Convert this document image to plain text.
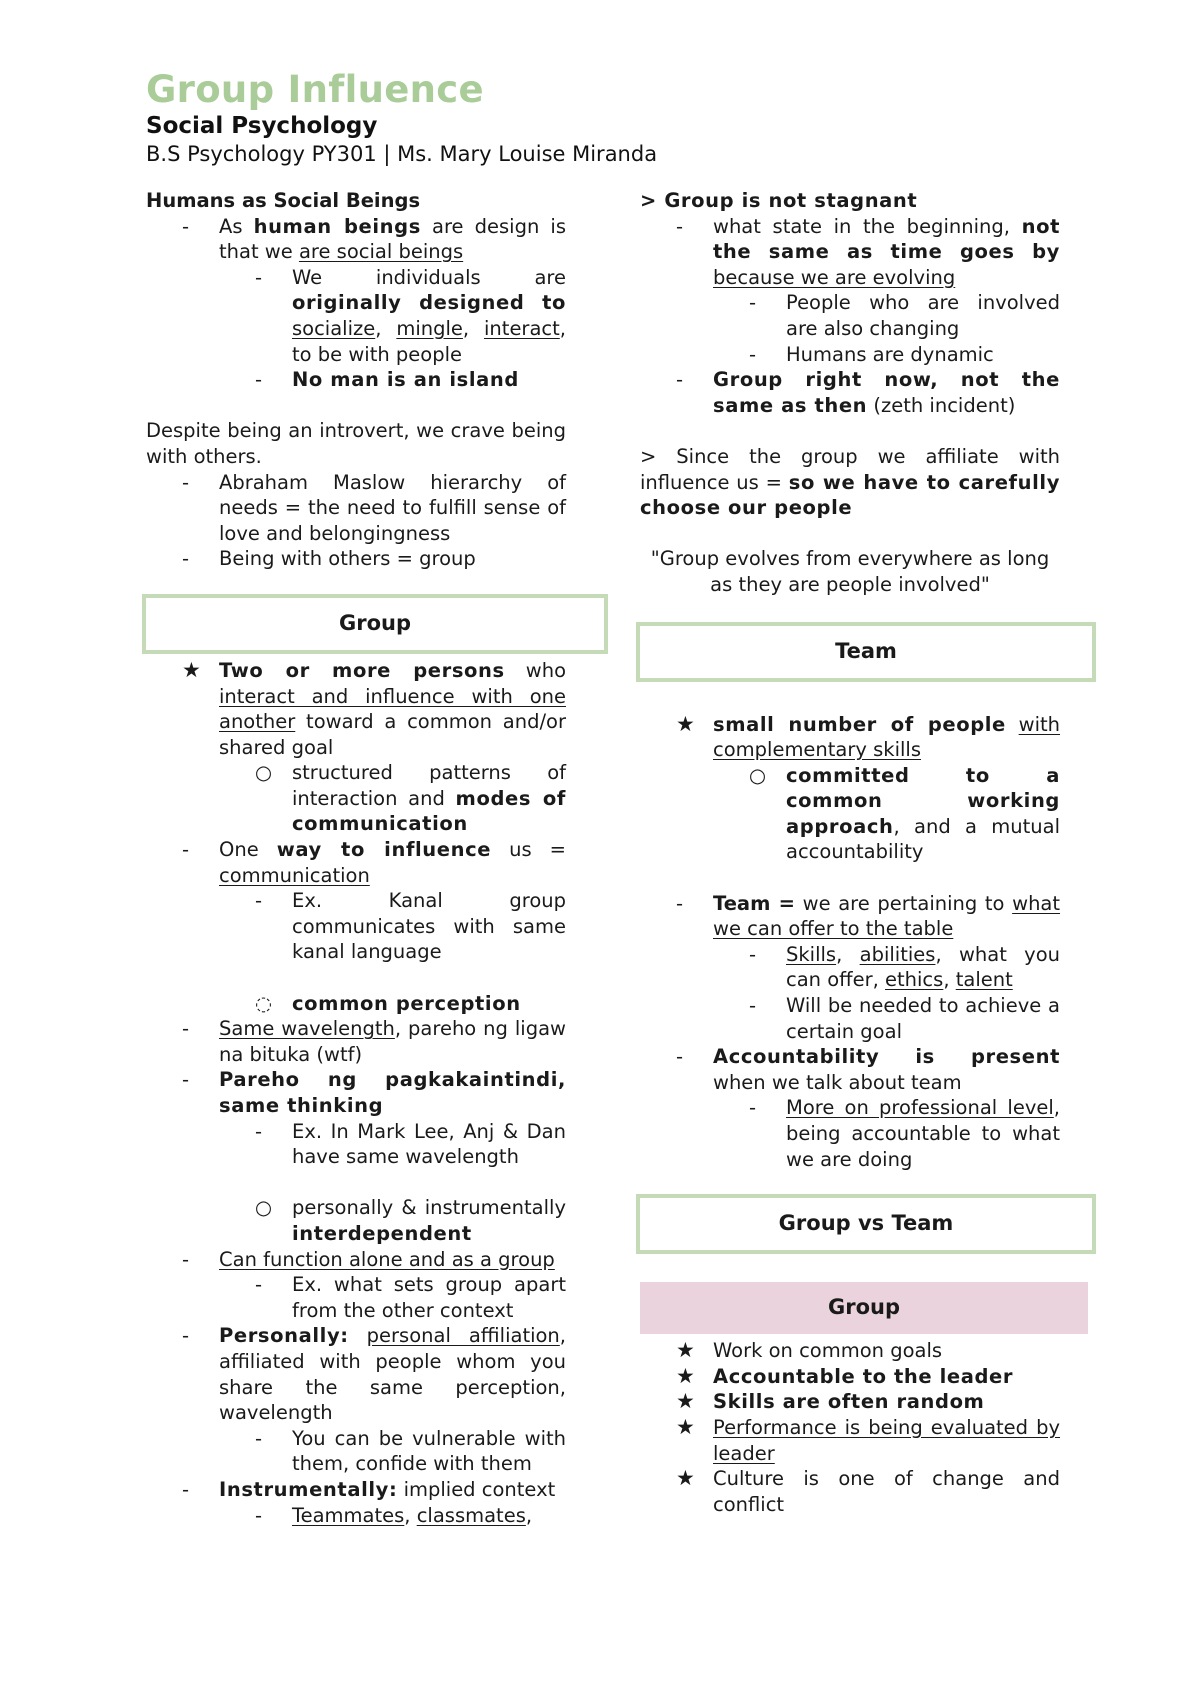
Group Influence
Social Psychology
B.S Psychology PY301 | Ms. Mary Louise Miranda
Humans as Social Beings
- As human beings are design is that we are social beings
- We individuals are originally designed to socialize, mingle, interact, to be with people
- No man is an island
Despite being an introvert, we crave being with others.
- Abraham Maslow hierarchy of needs = the need to fulfill sense of love and belongingness
- Being with others = group
Group
★ Two or more persons who interact and influence with one another toward a common and/or shared goal
○ structured patterns of interaction and modes of communication
- One way to influence us = communication
- Ex. Kanal group communicates with same kanal language
◌ common perception
- Same wavelength, pareho ng ligaw na bituka (wtf)
- Pareho ng pagkakaintindi, same thinking
- Ex. In Mark Lee, Anj & Dan have same wavelength
○ personally & instrumentally interdependent
- Can function alone and as a group
- Ex. what sets group apart from the other context
- Personally: personal affiliation, affiliated with people whom you share the same perception, wavelength
- You can be vulnerable with them, confide with them
- Instrumentally: implied context
- Teammates, classmates,
> Group is not stagnant
- what state in the beginning, not the same as time goes by because we are evolving
- People who are involved are also changing
- Humans are dynamic
- Group right now, not the same as then (zeth incident)
> Since the group we affiliate with influence us = so we have to carefully choose our people
"Group evolves from everywhere as long as they are people involved"
Team
★ small number of people with complementary skills
○ committed to a common working approach, and a mutual accountability
- Team = we are pertaining to what we can offer to the table
- Skills, abilities, what you can offer, ethics, talent
- Will be needed to achieve a certain goal
- Accountability is present when we talk about team
- More on professional level, being accountable to what we are doing
Group vs Team
Group
★ Work on common goals
★ Accountable to the leader
★ Skills are often random
★ Performance is being evaluated by leader
★ Culture is one of change and conflict
